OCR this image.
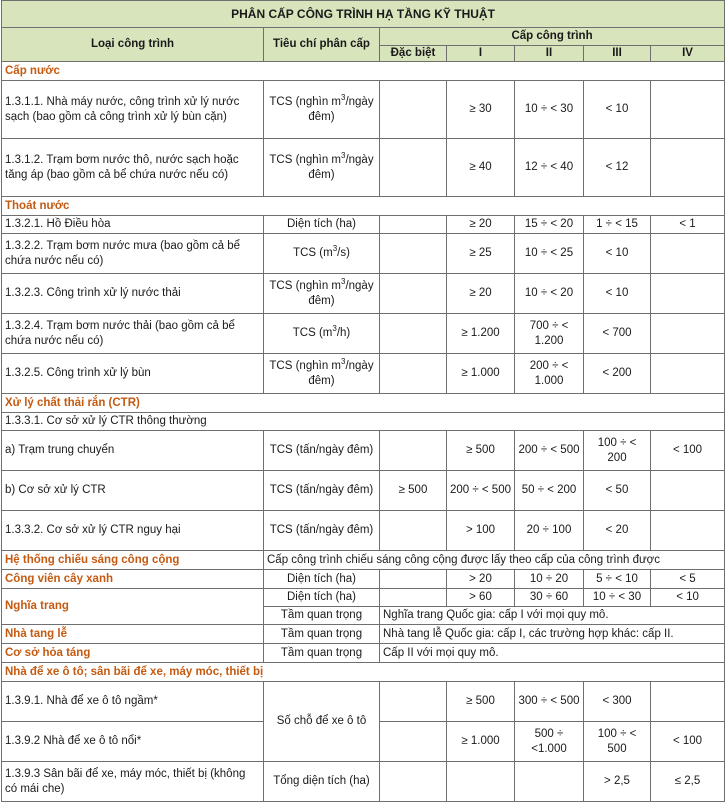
PHÂN CẤP CÔNG TRÌNH HẠ TẦNG KỸ THUẬT						
Loại công trình	Tiêu chí phân cấp	Cấp công trình				
		Đặc biệt	I	II	III	IV
Cấp nước						
1.3.1.1. Nhà máy nước, công trình xử lý nước sạch (bao gồm cả công trình xử lý bùn cặn)	TCS (nghìn $m^3$/ngày đêm)		≥ 30	10 ÷ < 30	< 10	
1.3.1.2. Trạm bơm nước thô, nước sạch hoặc tăng áp (bao gồm cả bể chứa nước nếu có)	TCS (nghìn $m^3$/ngày đêm)		≥ 40	12 ÷ < 40	< 12	
Thoát nước						
1.3.2.1. Hồ Điều hòa	Diện tích (ha)		≥ 20	15 ÷ < 20	1 ÷ < 15	< 1
1.3.2.2. Trạm bơm nước mưa (bao gồm cả bể chứa nước nếu có)	TCS $(m^3/s)$		≥ 25	10 ÷ < 25	< 10	
1.3.2.3. Công trình xử lý nước thải	TCS (nghìn $m^3$/ngày đêm)		≥ 20	10 ÷ < 20	< 10	
1.3.2.4. Trạm bơm nước thải (bao gồm cả bể chứa nước nếu có)	TCS $(m^3/h)$		≥ 1.200	700 ÷ < 1.200	< 700	
1.3.2.5. Công trình xử lý bùn	TCS (nghìn $m^3$/ngày đêm)		≥ 1.000	200 ÷ < 1.000	< 200	
Xử lý chất thải rắn (CTR)						
1.3.3.1. Cơ sở xử lý CTR thông thường						
a) Trạm trung chuyển	TCS (tấn/ngày đêm)		≥ 500	200 ÷ < 500	100 ÷ < 200	< 100
b) Cơ sở xử lý CTR	TCS (tấn/ngày đêm)	≥ 500	200 ÷ < 500	50 ÷ < 200	< 50	
1.3.3.2. Cơ sở xử lý CTR nguy hại	TCS (tấn/ngày đêm)		> 100	20 ÷ 100	< 20	
Hệ thống chiếu sáng công cộng	Cấp công trình chiếu sáng công cộng được lấy theo cấp của công trình được					
Công viên cây xanh	Diện tích (ha)		> 20	10 ÷ 20	5 ÷ < 10	< 5
Nghĩa trang	Diện tích (ha)		> 60	30 ÷ 60	10 ÷ < 30	< 10
	Tầm quan trọng	Nghĩa trang Quốc gia: cấp I với mọi quy mô.				
Nhà tang lễ	Tầm quan trọng	Nhà tang lễ Quốc gia: cấp I, các trường hợp khác: cấp II.				
Cơ sở hỏa táng	Tầm quan trọng	Cấp II với mọi quy mô.				
Nhà để xe ô tô; sân bãi để xe, máy móc, thiết bị						
1.3.9.1. Nhà để xe ô tô ngầm*	Số chỗ để xe ô tô		≥ 500	300 ÷ < 500	< 300	
1.3.9.2 Nhà để xe ô tô nổi*			≥ 1.000	500 ÷ <1.000	100 ÷ < 500	< 100
1.3.9.3 Sân bãi để xe, máy móc, thiết bị (không có mái che)	Tổng diện tích (ha)				> 2,5	≤ 2,5
